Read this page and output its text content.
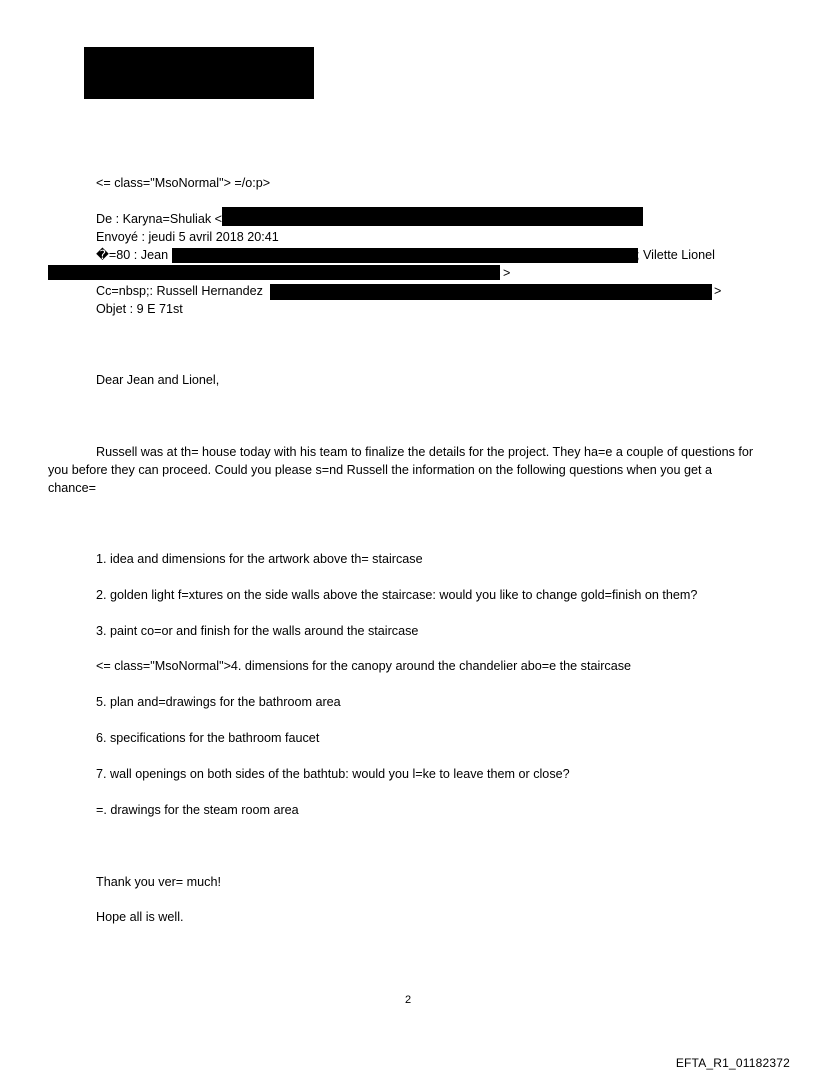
<= class="MsoNormal"> =/o:p>
De : Karyna=Shuliak <
Envoyé : jeudi 5 avril 2018 20:41
�=80 : Jean	; Vilette Lionel
>
Cc=nbsp;: Russell Hernandez	>
Objet : 9 E 71st
Dear Jean and Lionel,
Russell was at th= house today with his team to finalize the details for the project. They ha=e a couple of questions for you before they can proceed. Could you please s=nd Russell the information on the following questions when you get a chance=
1. idea and dimensions for the artwork above th= staircase
2. golden light f=xtures on the side walls above the staircase: would you like to change gold=finish on them?
3. paint co=or and finish for the walls around the staircase
<= class="MsoNormal">4. dimensions for the canopy around the chandelier abo=e the staircase
5. plan and=drawings for the bathroom area
6. specifications for the bathroom faucet
7. wall openings on both sides of the bathtub: would you l=ke to leave them or close?
=. drawings for the steam room area
Thank you ver= much!
Hope all is well.
2
EFTA_R1_01182372
